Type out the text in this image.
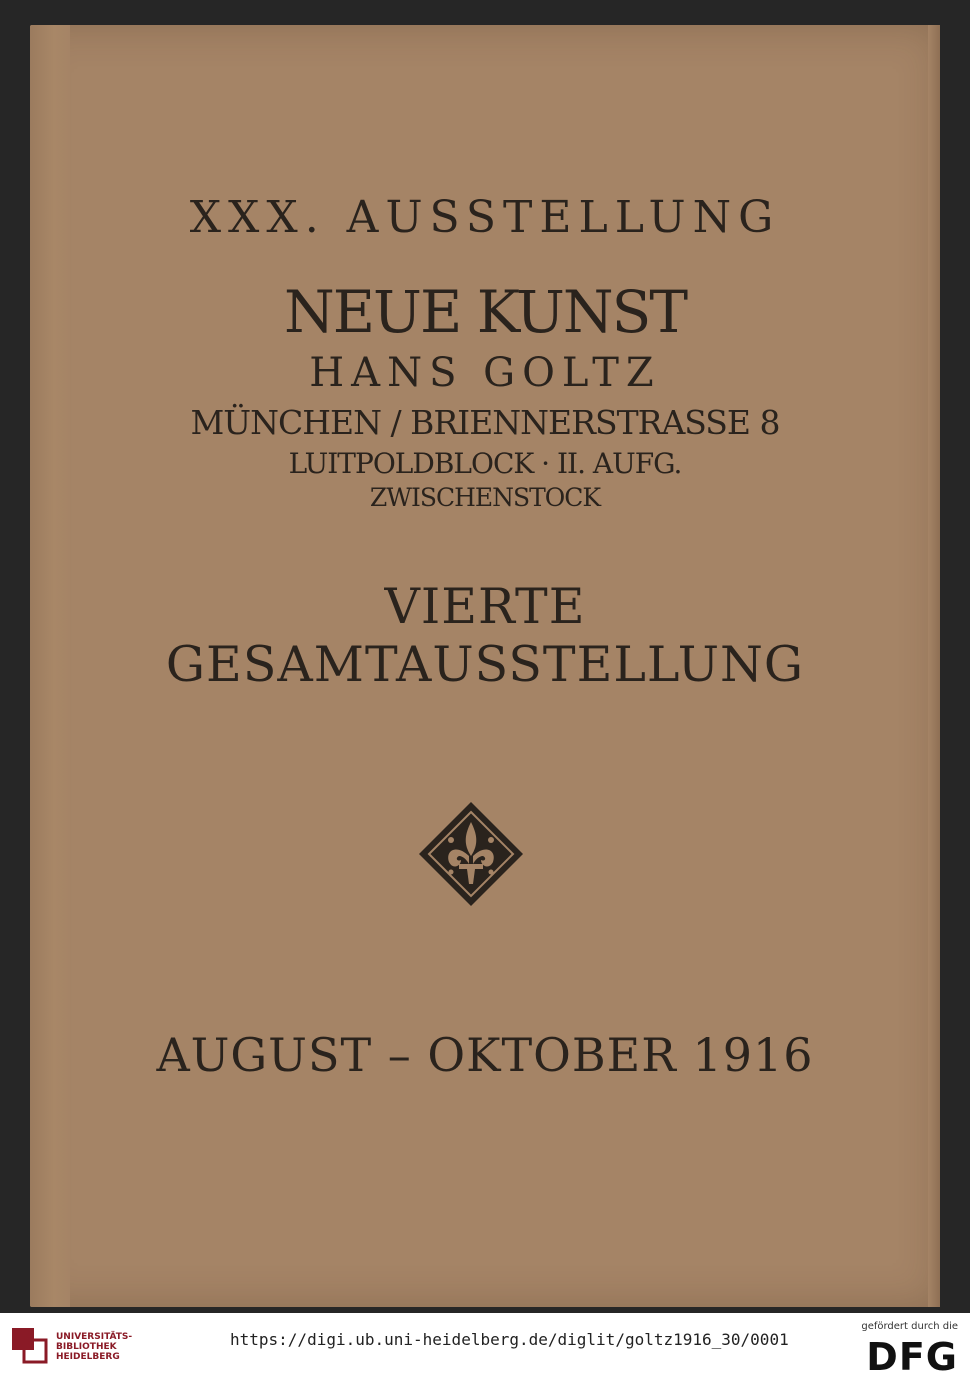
XXX. AUSSTELLUNG
NEUE KUNST
HANS GOLTZ
MÜNCHEN / BRIENNERSTRASSE 8
LUITPOLDBLOCK · II. AUFG.
ZWISCHENSTOCK
VIERTE
GESAMTAUSSTELLUNG
AUGUST – OKTOBER 1916
UNIVERSITÄTS-
BIBLIOTHEK
HEIDELBERG
https://digi.ub.uni-heidelberg.de/diglit/goltz1916_30/0001
gefördert durch die
DFG
